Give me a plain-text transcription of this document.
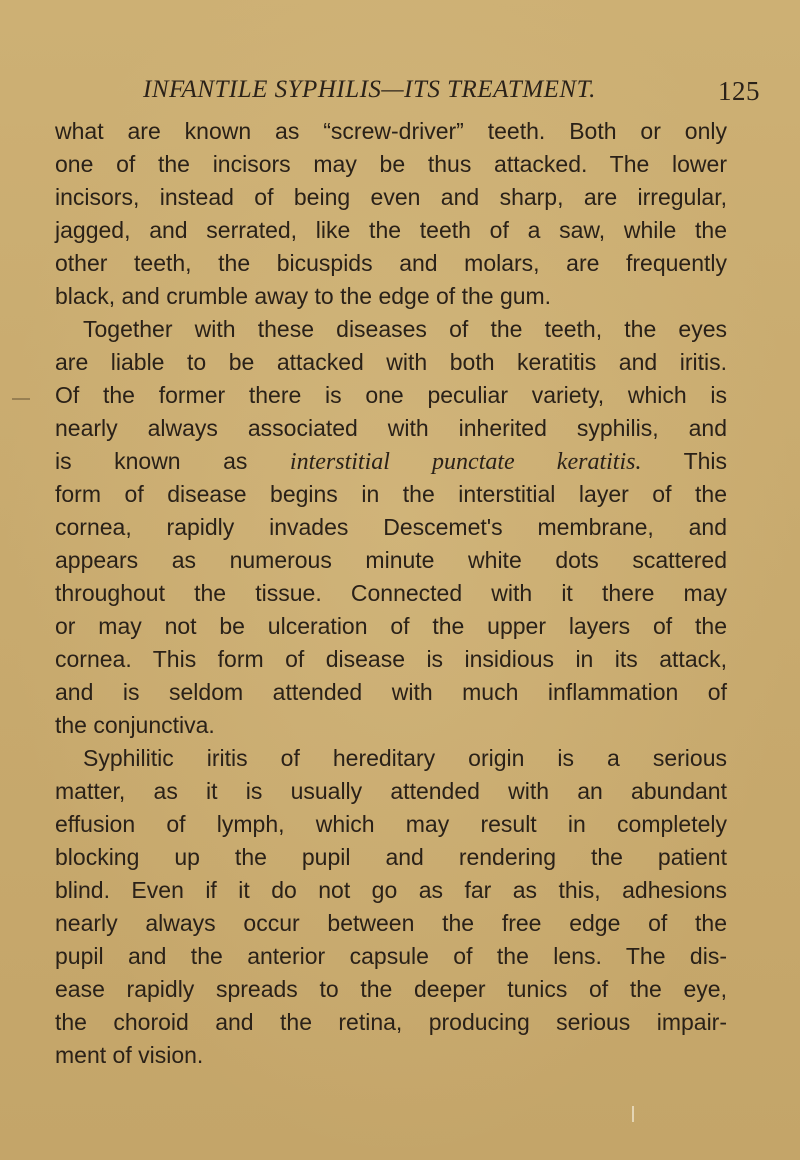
INFANTILE SYPHILIS—ITS TREATMENT.	125
what are known as “screw-driver” teeth. Both or only
one of the incisors may be thus attacked. The lower
incisors, instead of being even and sharp, are irregular,
jagged, and serrated, like the teeth of a saw, while the
other teeth, the bicuspids and molars, are frequently
black, and crumble away to the edge of the gum.
Together with these diseases of the teeth, the eyes
are liable to be attacked with both keratitis and iritis.
Of the former there is one peculiar variety, which is
nearly always associated with inherited syphilis, and
is known as interstitial punctate keratitis. This
form of disease begins in the interstitial layer of the
cornea, rapidly invades Descemet's membrane, and
appears as numerous minute white dots scattered
throughout the tissue. Connected with it there may
or may not be ulceration of the upper layers of the
cornea. This form of disease is insidious in its attack,
and is seldom attended with much inflammation of
the conjunctiva.
Syphilitic iritis of hereditary origin is a serious
matter, as it is usually attended with an abundant
effusion of lymph, which may result in completely
blocking up the pupil and rendering the patient
blind. Even if it do not go as far as this, adhesions
nearly always occur between the free edge of the
pupil and the anterior capsule of the lens. The dis-
ease rapidly spreads to the deeper tunics of the eye,
the choroid and the retina, producing serious impair-
ment of vision.
